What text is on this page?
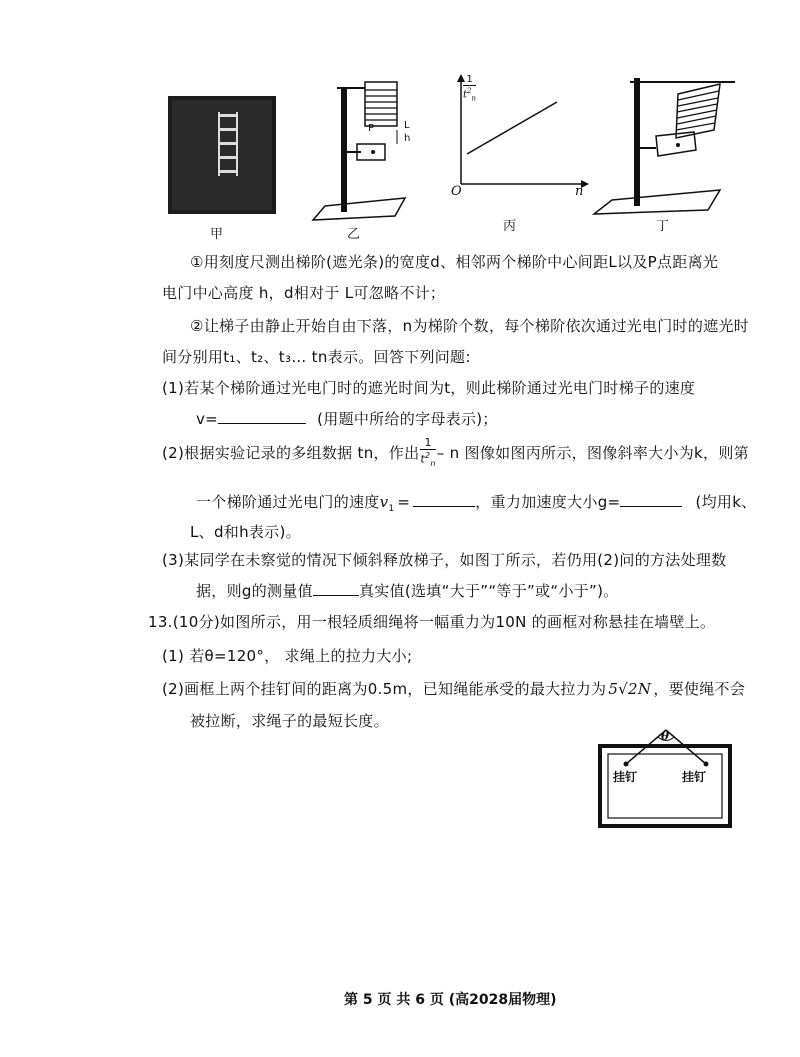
甲
P	L
h
乙
1
$t^2_n$
O	n
丙	丁
①用刻度尺测出梯阶(遮光条)的宽度d、相邻两个梯阶中心间距L以及P点距离光
电门中心高度 h，d相对于 L可忽略不计；
②让梯子由静止开始自由下落，n为梯阶个数，每个梯阶依次通过光电门时的遮光时
间分别用t₁、t₂、t₃… tn表示。回答下列问题:
(1)若某个梯阶通过光电门时的遮光时间为t，则此梯阶通过光电门时梯子的速度
v=	(用题中所给的字母表示)；
(2)根据实验记录的多组数据 tn，作出 $\frac{1}{t^2_n}$ – n 图像如图丙所示，图像斜率大小为k，则第
一个梯阶通过光电门的速度$v_1$ =	，重力加速度大小g=	(均用k、
L、d和h表示)。
(3)某同学在未察觉的情况下倾斜释放梯子，如图丁所示，若仍用(2)问的方法处理数
据，则g的测量值	真实值(选填“大于”“等于”或“小于”)。
13.(10分)如图所示，用一根轻质细绳将一幅重力为10N 的画框对称悬挂在墙壁上。
(1) 若θ=120°， 求绳上的拉力大小;
(2)画框上两个挂钉间的距离为0.5m，已知绳能承受的最大拉力为 5√2N ，要使绳不会
被拉断，求绳子的最短长度。
θ
挂钉	挂钉
第 5 页 共 6 页 (高2028届物理)
